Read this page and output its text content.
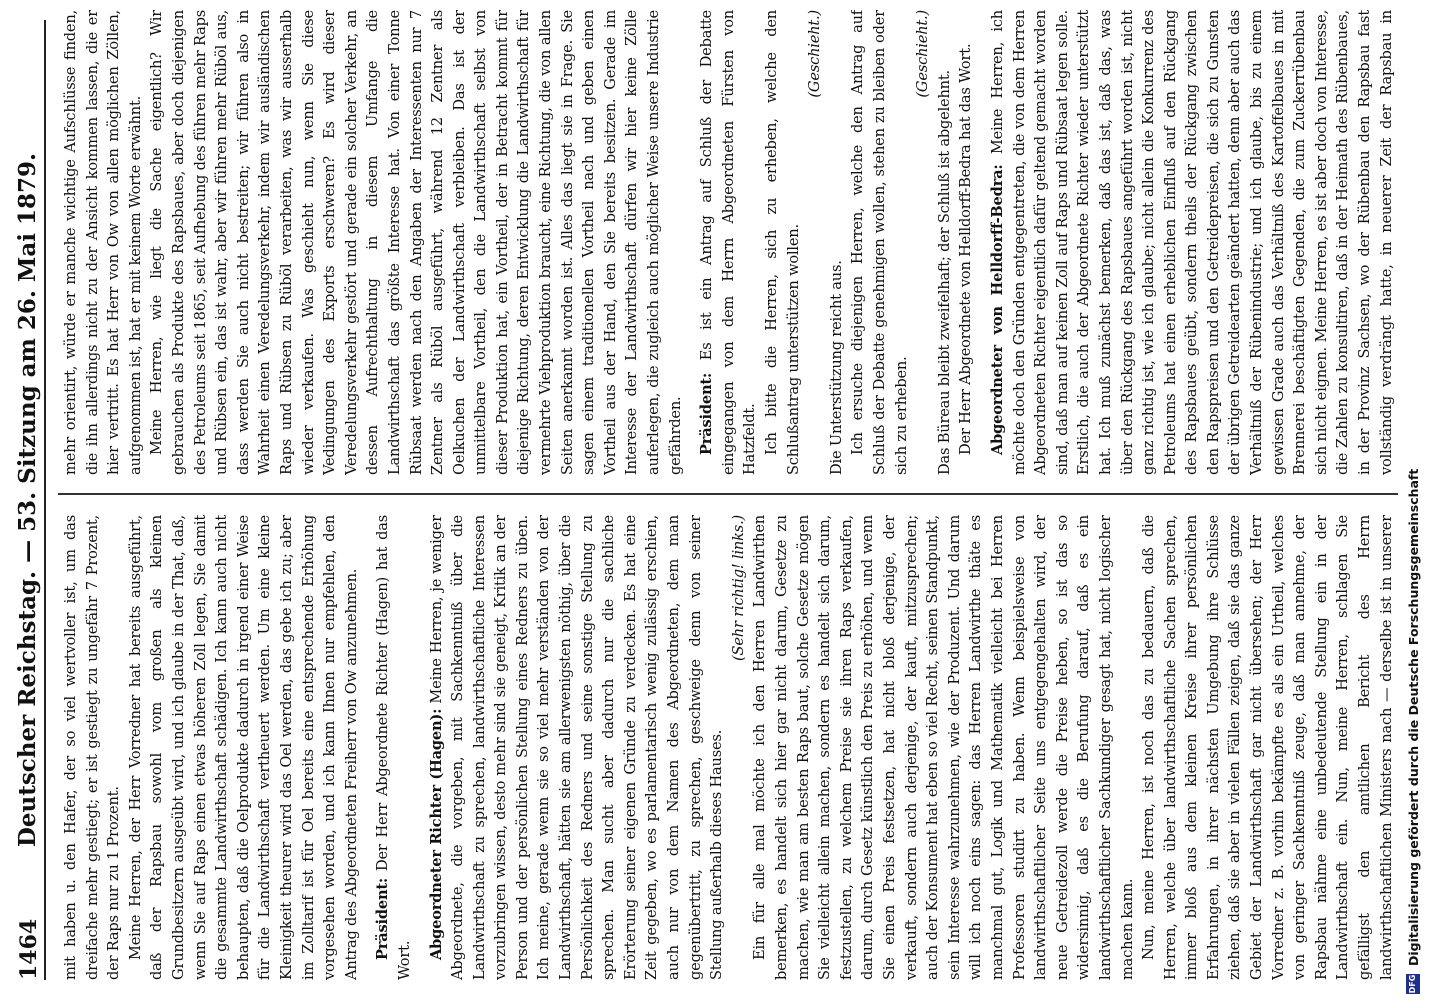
1464
Deutscher Reichstag. — 53. Sitzung am 26. Mai 1879. mit haben u. den Hafer, der so viel wertvoller ist, um das dreifache mehr gestiegt; er ist gestiegt zu ungefähr 7 Prozent, der Raps nur zu 1 Prozent. Meine Herren, der Herr Vorredner hat bereits ausgeführt, daß der Rapsbau sowohl vom großen als kleinen Grundbesitzern ausgeübt wird, und ich glaube in der That, daß, wenn Sie auf Raps einen etwas höheren Zoll legen, Sie damit die gesammte Landwirthschaft schädigen. Ich kann auch nicht behaupten, daß die Oelprodukte dadurch in irgend einer Weise für die Landwirthschaft vertheuert werden. Um eine kleine Kleinigkeit theurer wird das Oel werden, das gebe ich zu; aber im Zolltarif ist für Oel bereits eine entsprechende Erhöhung vorgesehen worden, und ich kann Ihnen nur empfehlen, den Antrag des Abgeordneten Freiherr von Ow anzunehmen. Präsident: Der Herr Abgeordnete Richter (Hagen) hat das Wort.

Abgeordneter Richter (Hagen): Meine Herren, je weniger Abgeordnete, die vorgeben, mit Sachkenntniß über die Landwirthschaft zu sprechen, landwirthschaftliche Interessen vorzubringen wissen, desto mehr sind sie geneigt, Kritik an der Person und der persönlichen Stellung eines Redners zu üben. Ich meine, gerade wenn sie so viel mehr verständen von der Landwirthschaft, hätten sie am allerwenigsten nöthig, über die Persönlichkeit des Redners und seine sonstige Stellung zu sprechen. Man sucht aber dadurch nur die sachliche Erörterung seiner eigenen Gründe zu verdecken. Es hat eine Zeit gegeben, wo es parlamentarisch wenig zulässig erschien, auch nur von dem Namen des Abgeordneten, dem man gegenübertritt, zu sprechen, geschweige denn von seiner Stellung außerhalb dieses Hauses.

(Sehr richtig! links.) Ein für alle mal möchte ich den Herren Landwirthen bemerken, es handelt sich hier gar nicht darum, Gesetze zu machen, wie man am besten Raps baut, solche Gesetze mögen Sie vielleicht allein machen, sondern es handelt sich darum, festzustellen, zu welchem Preise sie ihren Raps verkaufen, darum, durch Gesetz künstlich den Preis zu erhöhen, und wenn Sie einen Preis festsetzen, hat nicht bloß derjenige, der verkauft, sondern auch derjenige, der kauft, mitzusprechen; auch der Konsument hat eben so viel Recht, seinen Standpunkt, sein Interesse wahrzunehmen, wie der Produzent. Und darum will ich noch eins sagen: das Herren Landwirthe thäte es manchmal gut, Logik und Mathematik vielleicht bei Herren Professoren studirt zu haben. Wenn beispielsweise von landwirthschaftlicher Seite uns entgegengehalten wird, der neue Getreidezoll werde die Preise heben, so ist das so widersinnig, daß es die Berufung darauf, daß es ein landwirthschaftlicher Sachkundiger gesagt hat, nicht logischer machen kann. Nun, meine Herren, ist noch das zu bedauern, daß die Herren, welche über landwirthschaftliche Sachen sprechen, immer bloß aus dem kleinen Kreise ihrer persönlichen Erfahrungen, in ihrer nächsten Umgebung ihre Schlüsse ziehen, daß sie aber in vielen Fällen zeigen, daß sie das ganze Gebiet der Landwirthschaft gar nicht übersehen; der Herr Vorredner z. B. vorhin bekämpfte es als ein Urtheil, welches von geringer Sachkenntniß zeuge, daß man annehme, der Rapsbau nähme eine unbedeutende Stellung ein in der Landwirthschaft ein. Nun, meine Herren, schlagen Sie gefälligst den amtlichen Bericht des Herrn landwirthschaftlichen Ministers nach — derselbe ist in unserer

mehr orientirt, würde er manche wichtige Aufschlüsse finden, die ihn allerdings nicht zu der Ansicht kommen lassen, die er hier vertritt. Es hat Herr von Ow von allen möglichen Zöllen, aufgenommen ist, hat er mit keinem Worte erwähnt. Meine Herren, wie liegt die Sache eigentlich? Wir gebrauchen als Produkte des Rapsbaues, aber doch diejenigen des Petroleums seit 1865, seit Aufhebung des führen mehr Raps und Rübsen ein, das ist wahr, aber wir führen mehr Rüböl aus, dass werden Sie auch nicht bestreiten; wir führen also in Wahrheit einen Veredelungsverkehr, indem wir ausländischen Raps und Rübsen zu Rüböl verarbeiten, was wir ausserhalb wieder verkaufen. Was geschieht nun, wenn Sie diese Vedingungen des Exports erschweren? Es wird dieser Veredelungsverkehr gestört und gerade ein solcher Verkehr, an dessen Aufrechthaltung in diesem Umfange die Landwirthschaft das größte Interesse hat. Von einer Tonne Rübsaat werden nach den Angaben der Interessenten nur 7 Zentner als Rüböl ausgeführt, während 12 Zentner als Oelkuchen der Landwirthschaft verbleiben. Das ist der unmittelbare Vortheil, den die Landwirthschaft selbst von dieser Produktion hat, ein Vortheil, der in Betracht kommt für diejenige Richtung, deren Entwicklung die Landwirthschaft für vermehrte Viehproduktion braucht, eine Richtung, die von allen Seiten anerkannt worden ist. Alles das liegt sie in Frage. Sie sagen einem traditionellen Vortheil nach und geben einen Vortheil aus der Hand, den Sie bereits besitzen. Gerade im Interesse der Landwirthschaft dürfen wir hier keine Zölle auferlegen, die zugleich auch möglicher Weise unsere Industrie gefährden. Präsident: Es ist ein Antrag auf Schluß der Debatte eingegangen von dem Herrn Abgeordneten Fürsten von Hatzfeldt. Ich bitte die Herren, sich zu erheben, welche den Schlußantrag unterstützen wollen.

(Geschieht.)

Die Unterstützung reicht aus. Ich ersuche diejenigen Herren, welche den Antrag auf Schluß der Debatte genehmigen wollen, stehen zu bleiben oder sich zu erheben.

(Geschieht.)

Das Büreau bleibt zweifelhaft; der Schluß ist abgelehnt. Der Herr Abgeordnete von Helldorff-Bedra hat das Wort. Abgeordneter von Helldorff-Bedra: Meine Herren, ich möchte doch den Gründen entgegentreten, die von dem Herren Abgeordneten Richter eigentlich dafür geltend gemacht worden sind, daß man auf keinen Zoll auf Raps und Rübsaat legen solle. Erstlich, die auch der Abgeordnete Richter wieder unterstützt hat. Ich muß zunächst bemerken, daß das ist, daß das, was über den Rückgang des Rapsbaues angeführt worden ist, nicht ganz richtig ist, wie ich glaube; nicht allein die Konkurrenz des Petroleums hat einen erheblichen Einfluß auf den Rückgang des Rapsbaues geübt, sondern theils der Rückgang zwischen den Rapspreisen und den Getreidepreisen, die sich zu Gunsten der übrigen Getreidearten geändert hatten, denn aber auch das Verhältniß der Rübenindustrie; und ich glaube, bis zu einem gewissen Grade auch das Verhältniß des Kartoffelbaues in mit Brennerei beschäftigten Gegenden, die zum Zuckerrübenbau sich nicht eignen. Meine Herren, es ist aber doch von Interesse, die Zahlen zu konsultiren, daß in der Heimath des Rübenbaues, in der Provinz Sachsen, wo der Rübenbau den Rapsbau fast vollständig verdrängt hatte, in neuerer Zeit der Rapsbau in

DFG
Digitalisierung gefördert durch die Deutsche Forschungsgemeinschaft
